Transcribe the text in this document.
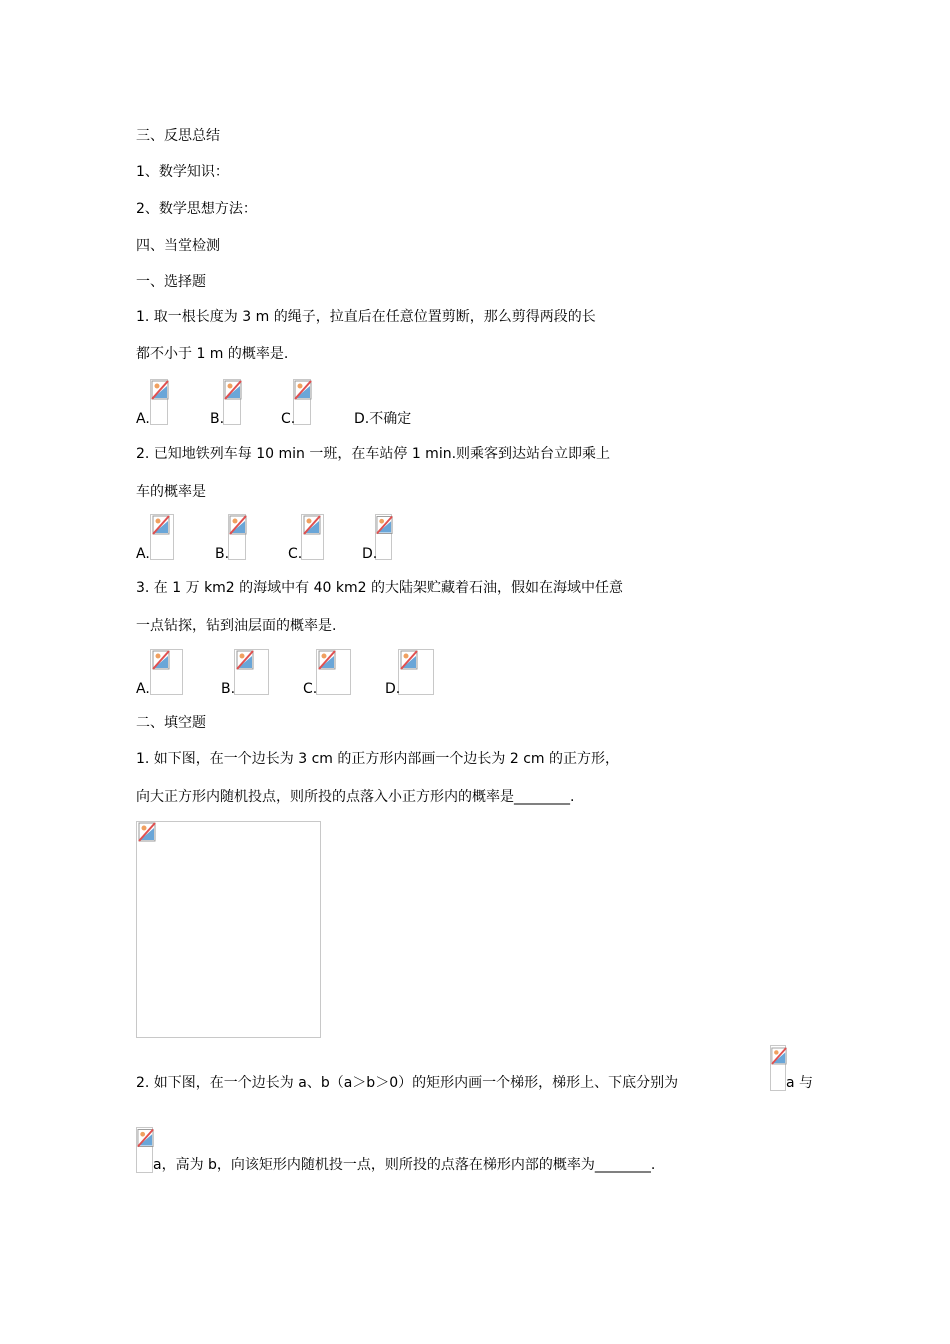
三、反思总结
1、数学知识：
2、数学思想方法：
四、当堂检测
一、选择题
1. 取一根长度为 3 m 的绳子，拉直后在任意位置剪断，那么剪得两段的长
都不小于 1 m 的概率是.
A.	B.	C.	D.不确定
2. 已知地铁列车每 10 min 一班，在车站停 1 min.则乘客到达站台立即乘上
车的概率是
A.	B.	C.	D.
3. 在 1 万 km2 的海域中有 40 km2 的大陆架贮藏着石油，假如在海域中任意
一点钻探，钻到油层面的概率是.
A.	B.	C.	D.
二、填空题
1. 如下图，在一个边长为 3 cm 的正方形内部画一个边长为 2 cm 的正方形，
向大正方形内随机投点，则所投的点落入小正方形内的概率是________.
2. 如下图，在一个边长为 a、b（a＞b＞0）的矩形内画一个梯形，梯形上、下底分别为	a 与
a，高为 b，向该矩形内随机投一点，则所投的点落在梯形内部的概率为________.
